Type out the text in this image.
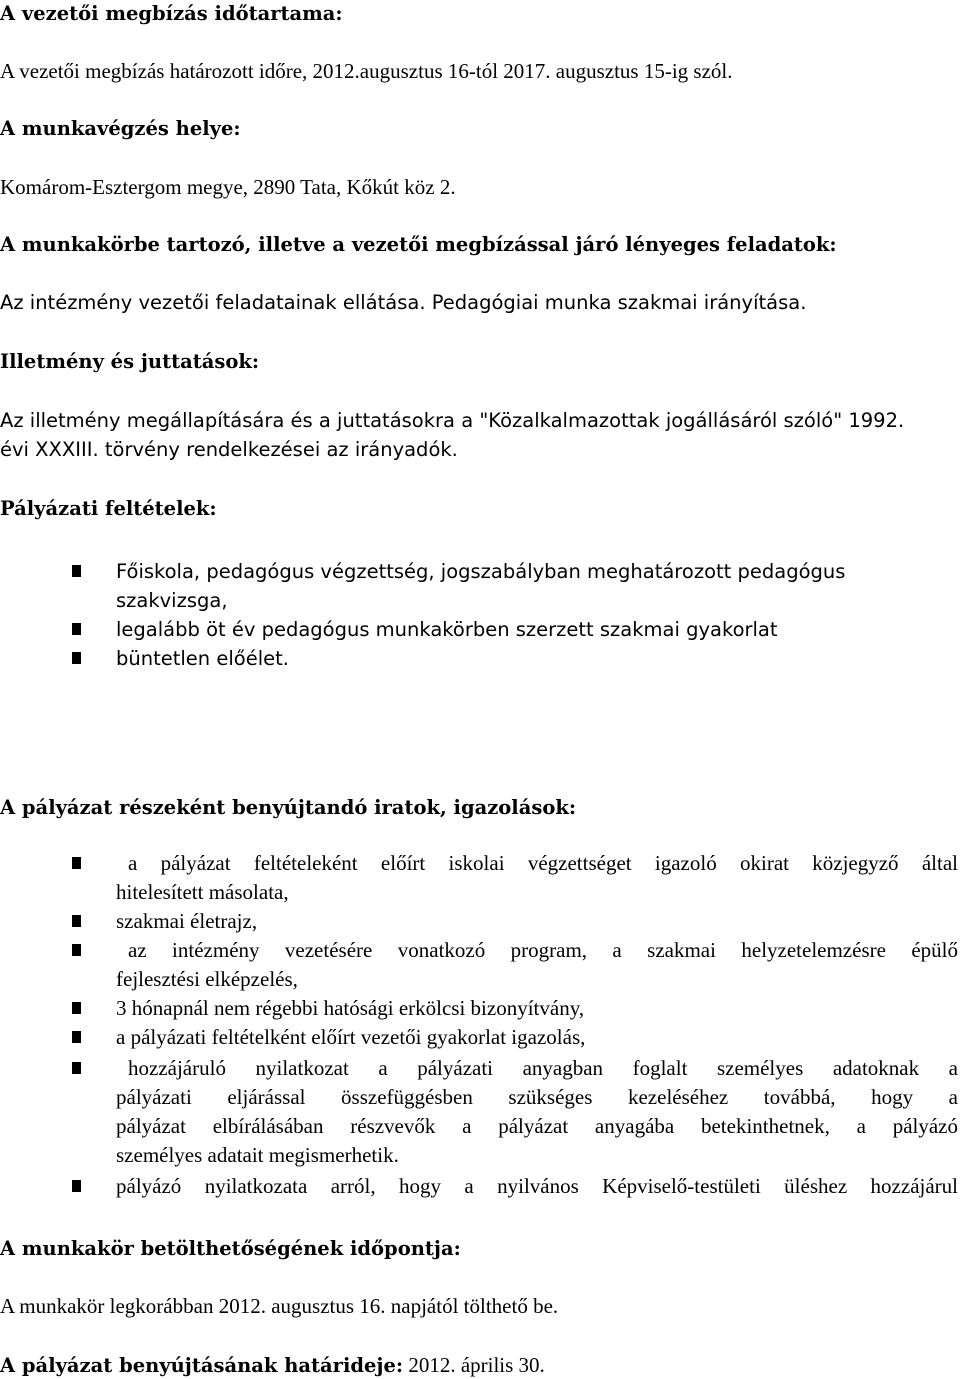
A vezetői megbízás időtartama:
A vezetői megbízás határozott időre, 2012.augusztus 16-tól 2017. augusztus 15-ig szól.
A munkavégzés helye:
Komárom-Esztergom megye, 2890 Tata, Kőkút köz 2.
A munkakörbe tartozó, illetve a vezetői megbízással járó lényeges feladatok:
Az intézmény vezetői feladatainak ellátása. Pedagógiai munka szakmai irányítása.
Illetmény és juttatások:
Az illetmény megállapítására és a juttatásokra a "Közalkalmazottak jogállásáról szóló" 1992.
évi XXXIII. törvény rendelkezései az irányadók.
Pályázati feltételek:
Főiskola, pedagógus végzettség, jogszabályban meghatározott pedagógus
szakvizsga,
legalább öt év pedagógus munkakörben szerzett szakmai gyakorlat
büntetlen előélet.
A pályázat részeként benyújtandó iratok, igazolások:
a pályázat feltételeként előírt iskolai végzettséget igazoló okirat közjegyző által
hitelesített másolata,
szakmai életrajz,
az intézmény vezetésére vonatkozó program, a szakmai helyzetelemzésre épülő
fejlesztési elképzelés,
3 hónapnál nem régebbi hatósági erkölcsi bizonyítvány,
a pályázati feltételként előírt vezetői gyakorlat igazolás,
hozzájáruló nyilatkozat a pályázati anyagban foglalt személyes adatoknak a
pályázati eljárással összefüggésben szükséges kezeléséhez továbbá, hogy a
pályázat elbírálásában részvevők a pályázat anyagába betekinthetnek, a pályázó
személyes adatait megismerhetik.
pályázó nyilatkozata arról, hogy a nyilvános Képviselő-testületi üléshez hozzájárul
A munkakör betölthetőségének időpontja:
A munkakör legkorábban 2012. augusztus 16. napjától tölthető be.
A pályázat benyújtásának határideje: 2012. április 30.
